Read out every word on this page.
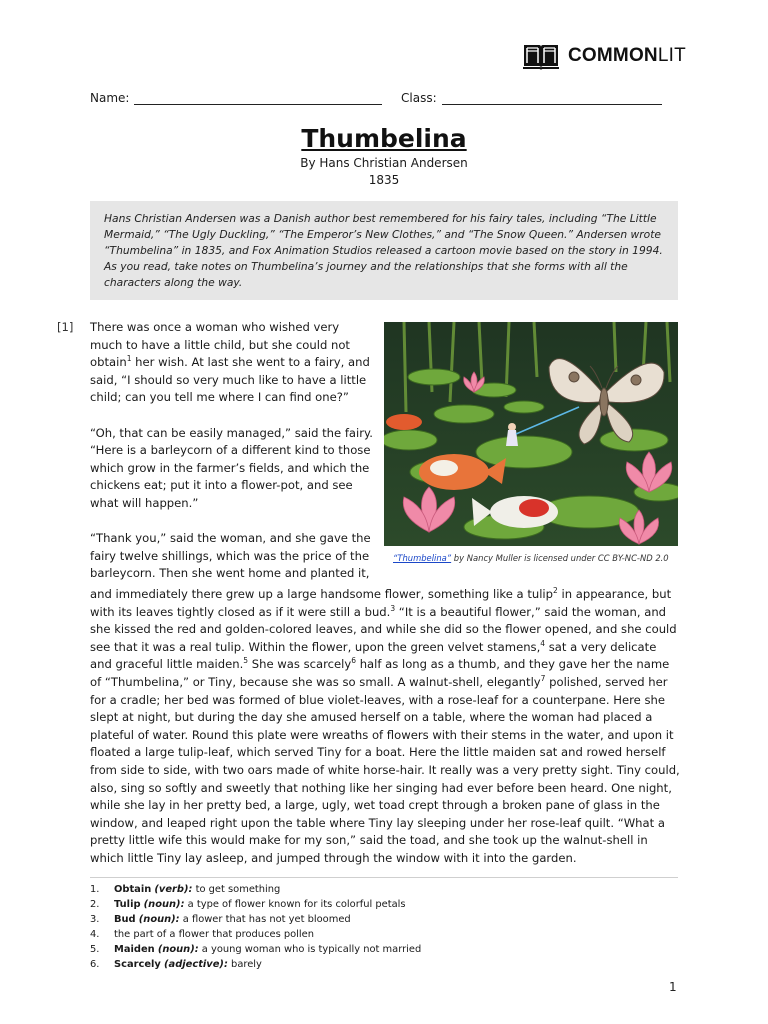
COMMONLIT
Name:	Class:
Thumbelina
By Hans Christian Andersen
1835
Hans Christian Andersen was a Danish author best remembered for his fairy tales, including “The Little Mermaid,” “The Ugly Duckling,” “The Emperor’s New Clothes,” and “The Snow Queen.” Andersen wrote “Thumbelina” in 1835, and Fox Animation Studios released a cartoon movie based on the story in 1994. As you read, take notes on Thumbelina’s journey and the relationships that she forms with all the characters along the way.
[1] There was once a woman who wished very much to have a little child, but she could not obtain$^1$ her wish. At last she went to a fairy, and said, “I should so very much like to have a little child; can you tell me where I can find one?”

“Oh, that can be easily managed,” said the fairy. “Here is a barleycorn of a different kind to those which grow in the farmer’s fields, and which the chickens eat; put it into a flower-pot, and see what will happen.”

“Thank you,” said the woman, and she gave the fairy twelve shillings, which was the price of the barleycorn. Then she went home and planted it,

“Thumbelina” by Nancy Muller is licensed under CC BY-NC-ND 2.0

and immediately there grew up a large handsome flower, something like a tulip$^2$ in appearance, but with its leaves tightly closed as if it were still a bud.$^3$ “It is a beautiful flower,” said the woman, and she kissed the red and golden-colored leaves, and while she did so the flower opened, and she could see that it was a real tulip. Within the flower, upon the green velvet stamens,$^4$ sat a very delicate and graceful little maiden.$^5$ She was scarcely$^6$ half as long as a thumb, and they gave her the name of “Thumbelina,” or Tiny, because she was so small. A walnut-shell, elegantly$^7$ polished, served her for a cradle; her bed was formed of blue violet-leaves, with a rose-leaf for a counterpane. Here she slept at night, but during the day she amused herself on a table, where the woman had placed a plateful of water. Round this plate were wreaths of flowers with their stems in the water, and upon it floated a large tulip-leaf, which served Tiny for a boat. Here the little maiden sat and rowed herself from side to side, with two oars made of white horse-hair. It really was a very pretty sight. Tiny could, also, sing so softly and sweetly that nothing like her singing had ever before been heard. One night, while she lay in her pretty bed, a large, ugly, wet toad crept through a broken pane of glass in the window, and leaped right upon the table where Tiny lay sleeping under her rose-leaf quilt. “What a pretty little wife this would make for my son,” said the toad, and she took up the walnut-shell in which little Tiny lay asleep, and jumped through the window with it into the garden.

1.	Obtain (verb): to get something
2.	Tulip (noun): a type of flower known for its colorful petals
3.	Bud (noun): a flower that has not yet bloomed
4.	the part of a flower that produces pollen
5.	Maiden (noun): a young woman who is typically not married
6.	Scarcely (adjective): barely
1
